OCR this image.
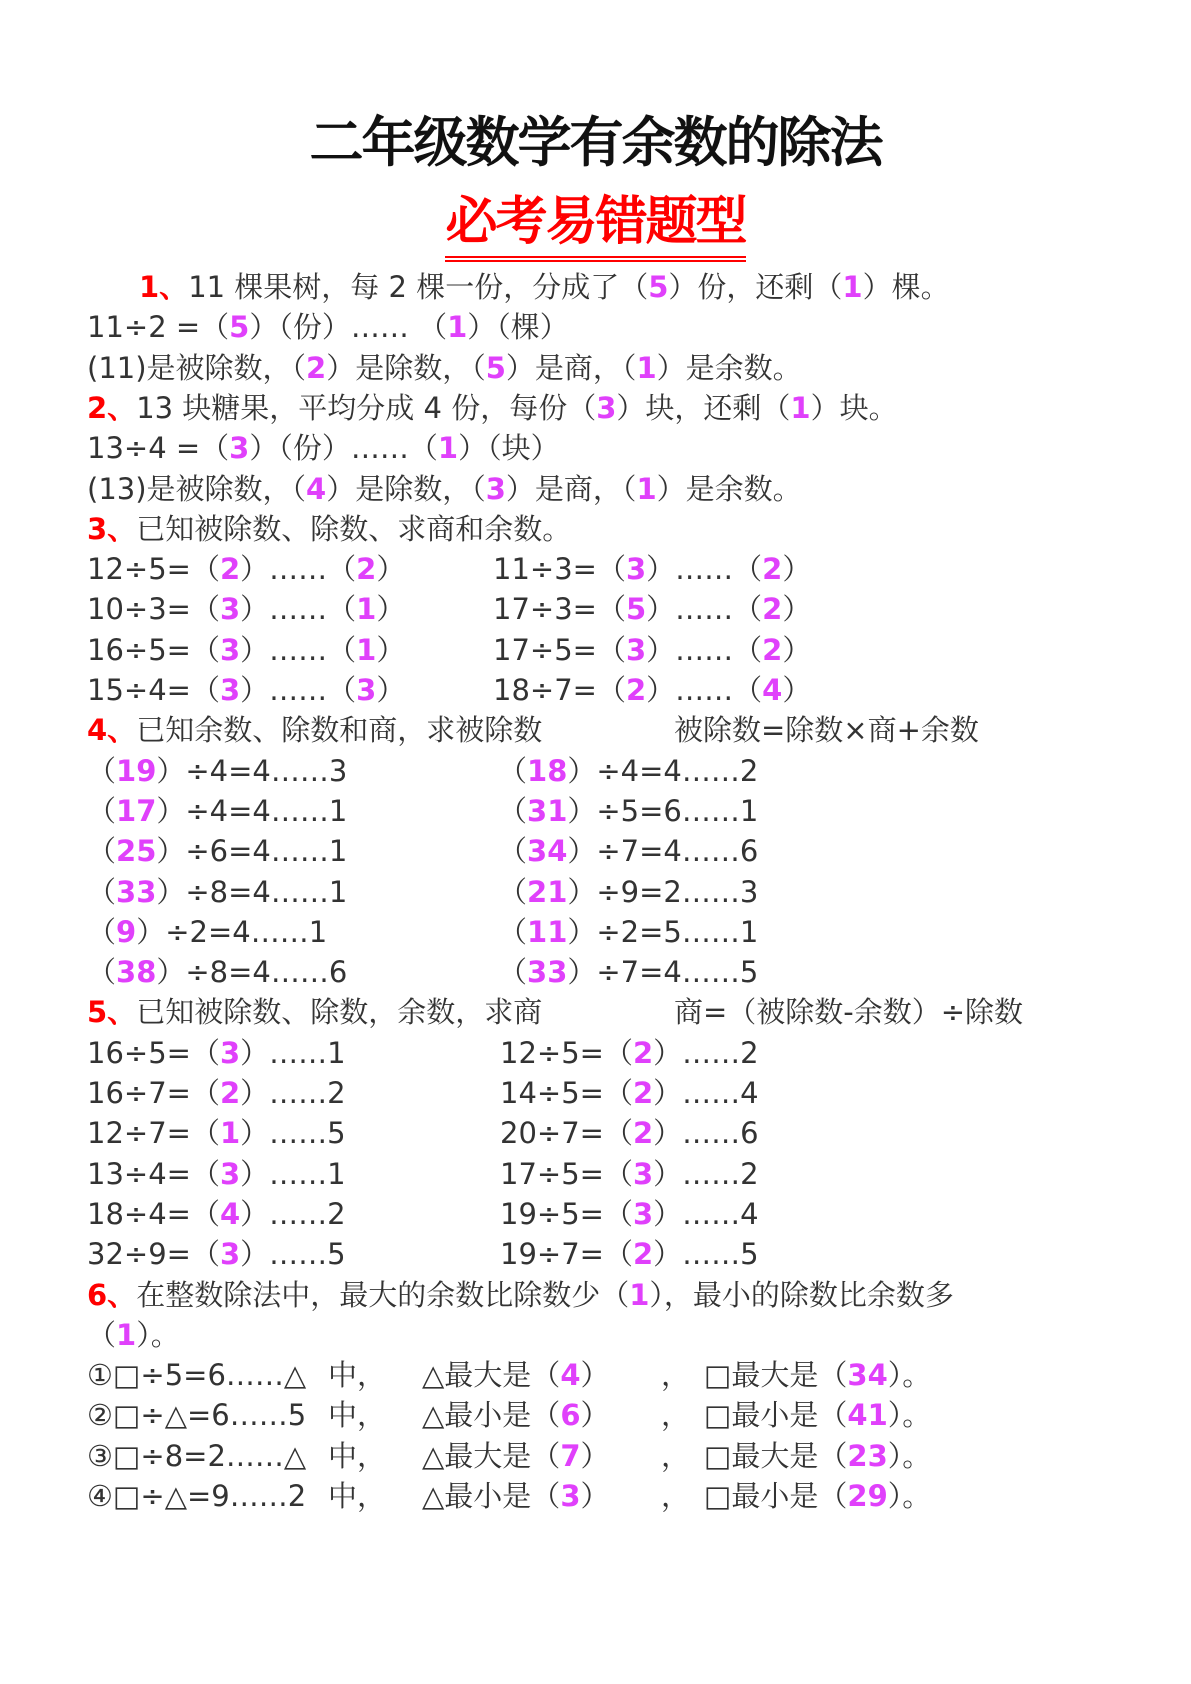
二年级数学有余数的除法
必考易错题型
1、11 棵果树，每 2 棵一份，分成了（5）份，还剩（1）棵。
11÷2 =（5）（份）…… （1）（棵）
(11)是被除数，（2）是除数，（5）是商，（1）是余数。
2、13 块糖果，平均分成 4 份，每份（3）块，还剩（1）块。
13÷4 =（3）（份）……（1）（块）
(13)是被除数，（4）是除数，（3）是商，（1）是余数。
3、已知被除数、除数、求商和余数。
12÷5=（2）……（2）	11÷3=（3）……（2）
10÷3=（3）……（1）	17÷3=（5）……（2）
16÷5=（3）……（1）	17÷5=（3）……（2）
15÷4=（3）……（3）	18÷7=（2）……（4）
4、已知余数、除数和商，求被除数	被除数=除数×商+余数
（19）÷4=4……3	（18）÷4=4……2
（17）÷4=4……1	（31）÷5=6……1
（25）÷6=4……1	（34）÷7=4……6
（33）÷8=4……1	（21）÷9=2……3
（9）÷2=4……1	（11）÷2=5……1
（38）÷8=4……6	（33）÷7=4……5
5、已知被除数、除数，余数，求商	商=（被除数-余数）÷除数
16÷5=（3）……1	12÷5=（2）……2
16÷7=（2）……2	14÷5=（2）……4
12÷7=（1）……5	20÷7=（2）……6
13÷4=（3）……1	17÷5=（3）……2
18÷4=（4）……2	19÷5=（3）……4
32÷9=（3）……5	19÷7=（2）……5
6、在整数除法中，最大的余数比除数少（1），最小的除数比余数多
（1）。
①□÷5=6……△ 中， △最大是（4） ， □最大是（34）。
②□÷△=6……5 中， △最小是（6） ， □最小是（41）。
③□÷8=2……△ 中， △最大是（7） ， □最大是（23）。
④□÷△=9……2 中， △最小是（3） ， □最小是（29）。
